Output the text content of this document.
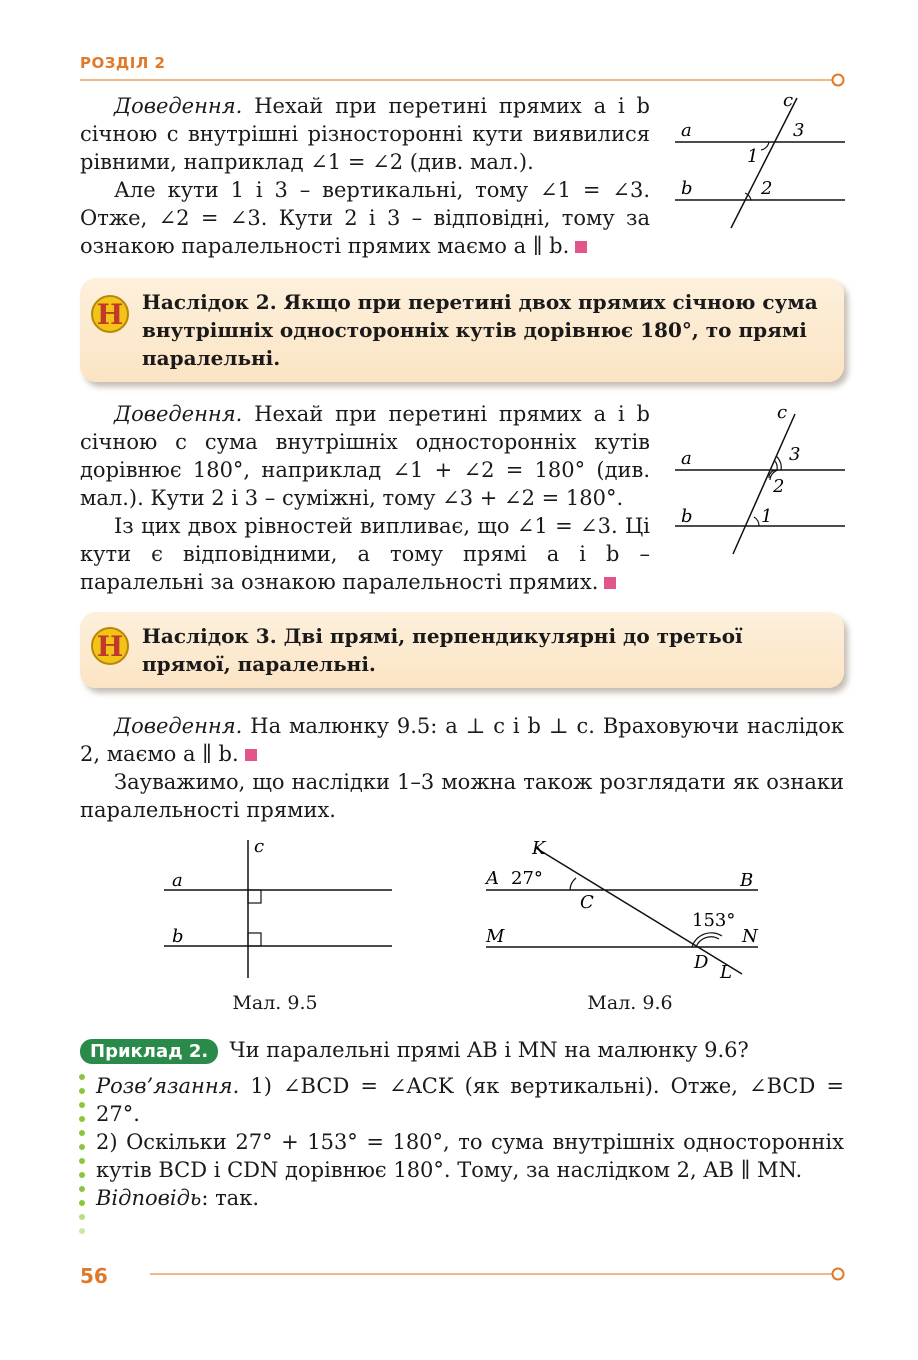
РОЗДІЛ 2

Доведення. Нехай при перетині прямих a і b січною c внутрішні різносторонні кути виявилися рівними, наприклад ∠1 = ∠2 (див. мал.).

Але кути 1 і 3 – вертикальні, тому ∠1 = ∠3. Отже, ∠2 = ∠3. Кути 2 і 3 – відповідні, тому за ознакою паралельності прямих маємо a ∥ b.

c
a
b
3
1
2
Н Наслідок 2. Якщо при перетині двох прямих січною сума внутрішніх односторонніх кутів дорівнює 180°, то прямі паралельні.

Доведення. Нехай при перетині прямих a і b січною c сума внутрішніх односторонніх кутів дорівнює 180°, наприклад ∠1 + ∠2 = 180° (див. мал.). Кути 2 і 3 – суміжні, тому ∠3 + ∠2 = 180°.

Із цих двох рівностей випливає, що ∠1 = ∠3. Ці кути є відповідними, а тому прямі a і b – паралельні за ознакою паралельності прямих.

c
a
b
3
2
1
Н Наслідок 3. Дві прямі, перпендикулярні до третьої прямої, паралельні.

Доведення. На малюнку 9.5: a ⊥ c і b ⊥ c. Враховуючи наслідок 2, маємо a ∥ b.

Зауважимо, що наслідки 1–3 можна також розглядати як ознаки паралельності прямих.

c
a
b
Мал. 9.5
K
A 27°	B
C
153°
M	N
D L
Мал. 9.6
Приклад 2. Чи паралельні прямі AB і MN на малюнку 9.6?

Розв’язання. 1) ∠BCD = ∠ACK (як вертикальні). Отже, ∠BCD = 27°.

2) Оскільки 27° + 153° = 180°, то сума внутрішніх односторонніх кутів BCD і CDN дорівнює 180°. Тому, за наслідком 2, AB ∥ MN.

Відповідь: так.

56
